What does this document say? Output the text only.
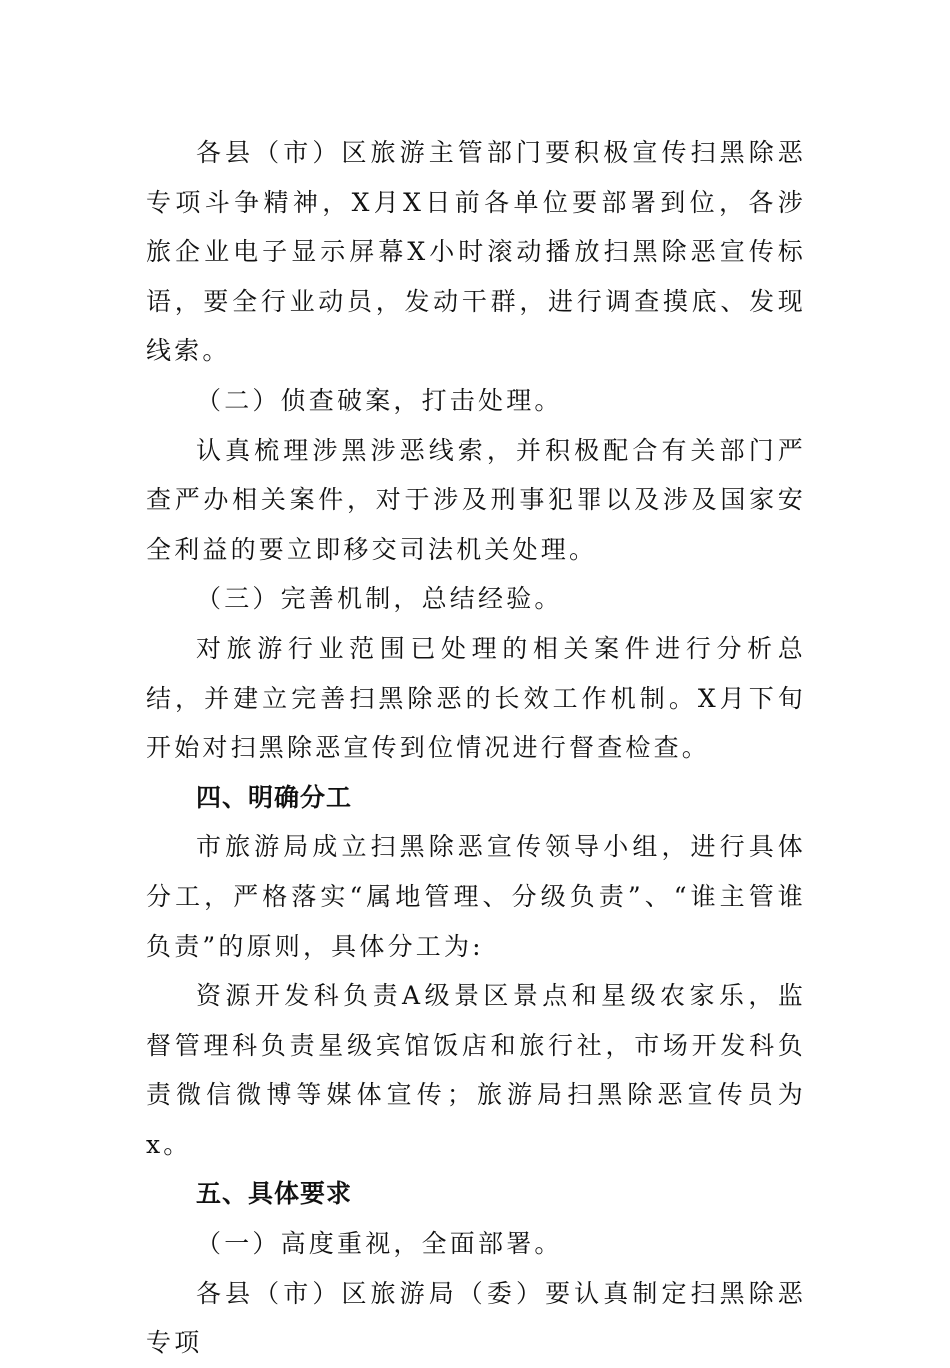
各县（市）区旅游主管部门要积极宣传扫黑除恶专项斗争精神，X月X日前各单位要部署到位，各涉旅企业电子显示屏幕X小时滚动播放扫黑除恶宣传标语，要全行业动员，发动干群，进行调查摸底、发现线索。

（二）侦查破案，打击处理。

认真梳理涉黑涉恶线索，并积极配合有关部门严查严办相关案件，对于涉及刑事犯罪以及涉及国家安全利益的要立即移交司法机关处理。

（三）完善机制，总结经验。

对旅游行业范围已处理的相关案件进行分析总结，并建立完善扫黑除恶的长效工作机制。X月下旬开始对扫黑除恶宣传到位情况进行督查检查。

四、明确分工

市旅游局成立扫黑除恶宣传领导小组，进行具体分工，严格落实“属地管理、分级负责”、“谁主管谁负责”的原则，具体分工为:

资源开发科负责A级景区景点和星级农家乐，监督管理科负责星级宾馆饭店和旅行社，市场开发科负责微信微博等媒体宣传；旅游局扫黑除恶宣传员为x。

五、具体要求

（一）高度重视，全面部署。

各县（市）区旅游局（委）要认真制定扫黑除恶专项
